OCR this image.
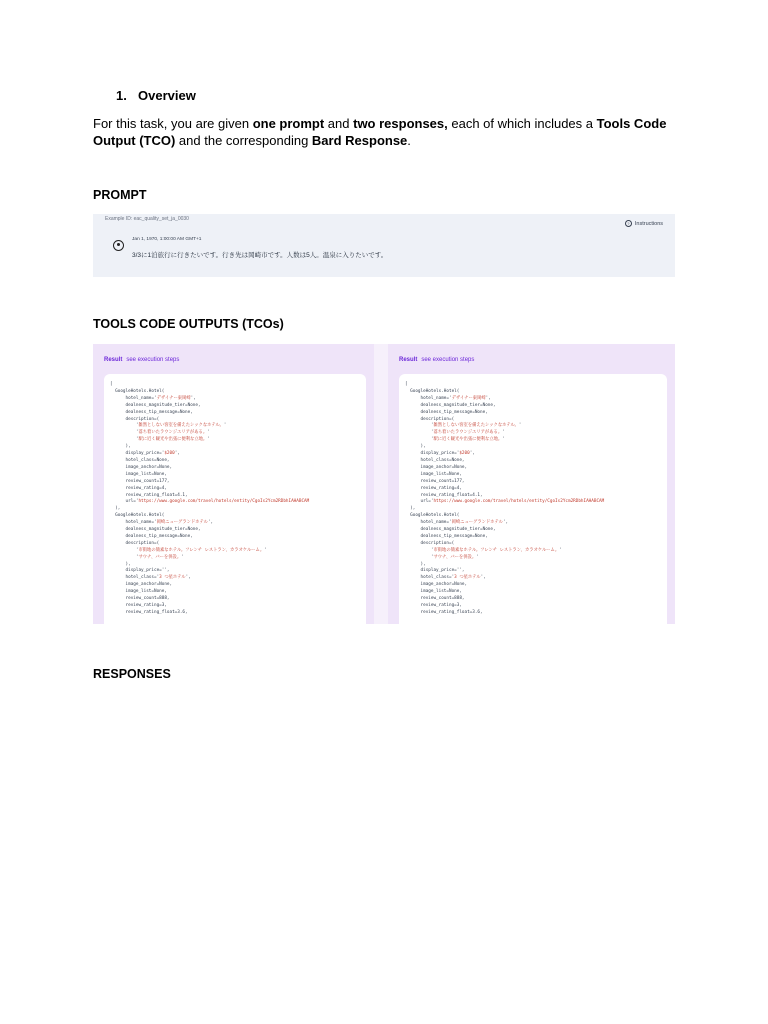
1. Overview
For this task, you are given one prompt and two responses, each of which includes a Tools Code Output (TCO) and the corresponding Bard Response.
PROMPT
Example ID: eac_quality_set_ja_0030
? Instructions
Jan 1, 1970, 1:00:00 AM GMT+1
3/3に1泊旅行に行きたいです。行き先は岡崎市です。人数は5人。温泉に入りたいです。
TOOLS CODE OUTPUTS (TCOs)
Result see execution steps
[
GoogleHotels.Hotel(
hotel_name='デザイナー東岡崎',
dealness_magnitude_tier=None,
dealness_tip_message=None,
description=(
'雑然としない客室を備えたシックなホテル。'
'落ち着いたラウンジエリアがある。'
'駅に近く観光や出張に便利な立地。'
),
display_price='$200',
hotel_class=None,
image_anchor=None,
image_list=None,
review_count=177,
review_rating=4,
review_rating_float=4.1,
url='https://www.google.com/travel/hotels/entity/CgoIs2Ycm2RDbhIAHABCAM
),
GoogleHotels.Hotel(
hotel_name='岡崎ニューグランドホテル',
dealness_magnitude_tier=None,
dealness_tip_message=None,
description=(
'市街地の簡素なホテル。フレンチ レストラン、カラオケルーム。'
'サウナ、バーを併設。'
),
display_price='',
hotel_class='3 つ星ホテル',
image_anchor=None,
image_list=None,
review_count=888,
review_rating=3,
review_rating_float=3.6,

Result see execution steps
[
GoogleHotels.Hotel(
hotel_name='デザイナー東岡崎',
dealness_magnitude_tier=None,
dealness_tip_message=None,
description=(
'雑然としない客室を備えたシックなホテル。'
'落ち着いたラウンジエリアがある。'
'駅に近く観光や出張に便利な立地。'
),
display_price='$200',
hotel_class=None,
image_anchor=None,
image_list=None,
review_count=177,
review_rating=4,
review_rating_float=4.1,
url='https://www.google.com/travel/hotels/entity/CgoIs2Ycm2RDbhIAHABCAM
),
GoogleHotels.Hotel(
hotel_name='岡崎ニューグランドホテル',
dealness_magnitude_tier=None,
dealness_tip_message=None,
description=(
'市街地の簡素なホテル。フレンチ レストラン、カラオケルーム。'
'サウナ、バーを併設。'
),
display_price='',
hotel_class='3 つ星ホテル',
image_anchor=None,
image_list=None,
review_count=888,
review_rating=3,
review_rating_float=3.6,

RESPONSES
